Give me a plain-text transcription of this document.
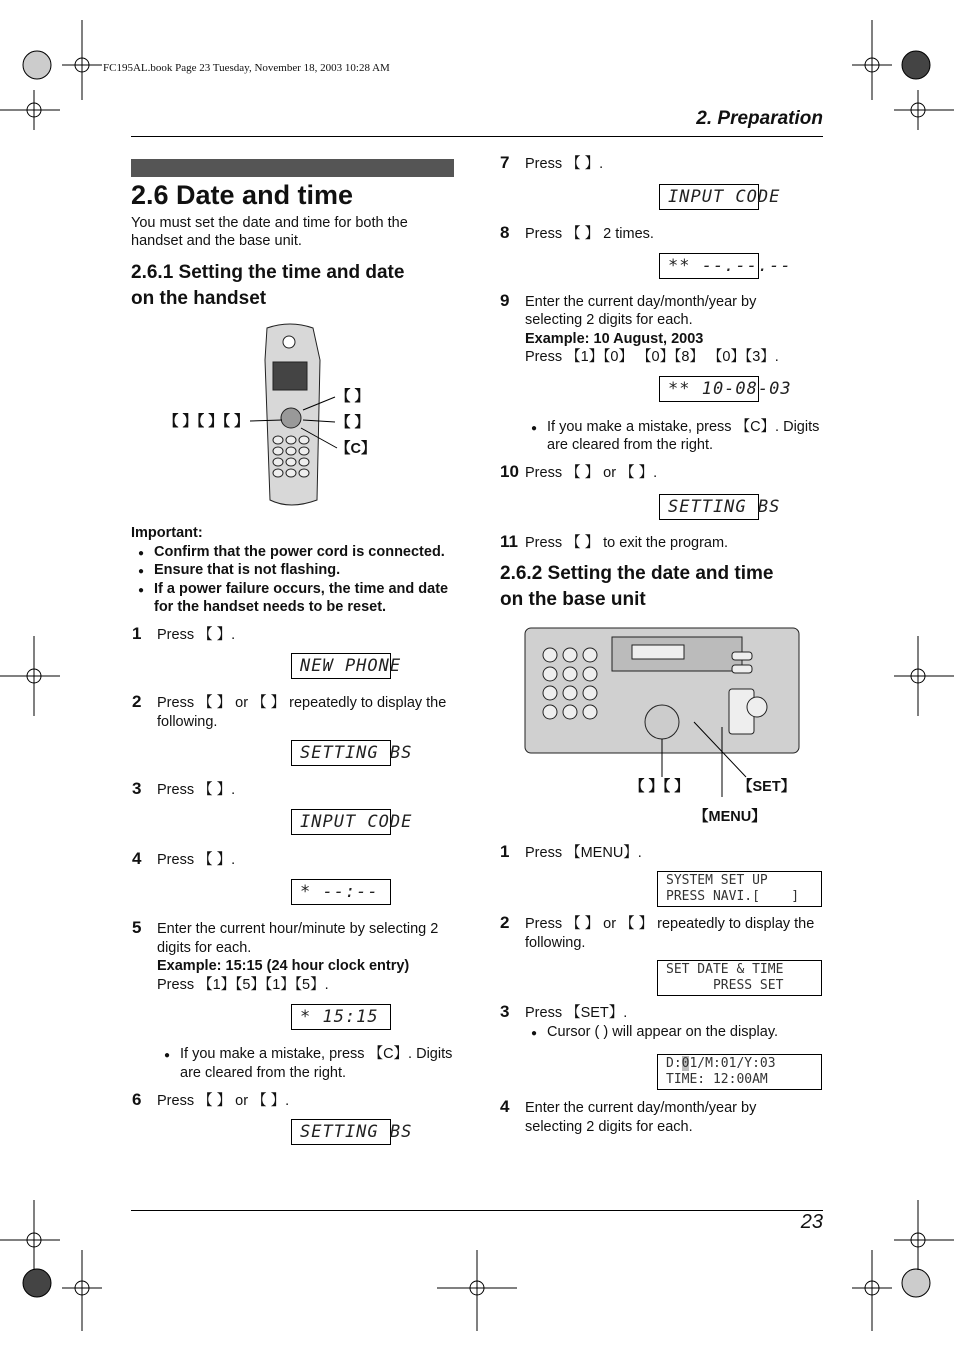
FC195AL.book Page 23 Tuesday, November 18, 2003 10:28 AM
2. Preparation
2.6 Date and time
You must set the date and time for both the handset and the base unit.
2.6.1 Setting the time and date
on the handset
【 】【 】【 】
【 】
【 】
【C】
Important:
● Confirm that the power cord is connected.
● Ensure that is not flashing.
● If a power failure occurs, the time and date
for the handset needs to be reset.
1 Press 【 】.
NEW PHONE
2 Press 【 】 or 【 】 repeatedly to display the
following.
SETTING BS
3 Press 【 】.
INPUT CODE
4 Press 【 】.
* --:--
5 Enter the current hour/minute by selecting 2
digits for each.
Example: 15:15 (24 hour clock entry)
Press 【1】【5】【1】【5】.
* 15:15
● If you make a mistake, press 【C】. Digits
are cleared from the right.
6 Press 【 】 or 【 】.
SETTING BS
7 Press 【 】.
INPUT CODE
8 Press 【 】 2 times.
** --.--.--
9 Enter the current day/month/year by
selecting 2 digits for each.
Example: 10 August, 2003
Press 【1】【0】 【0】【8】 【0】【3】.
** 10-08-03
● If you make a mistake, press 【C】. Digits
are cleared from the right.
10 Press 【 】 or 【 】.
SETTING BS
11 Press 【 】 to exit the program.
2.6.2 Setting the date and time
on the base unit
【 】【 】	【SET】
【MENU】
1 Press 【MENU】.
SYSTEM SET UP
PRESS NAVI.[    ]
2 Press 【 】 or 【 】 repeatedly to display the
following.
SET DATE & TIME
PRESS SET
3 Press 【SET】.
● Cursor ( ) will appear on the display.
D:01/M:01/Y:03
TIME: 12:00AM
4 Enter the current day/month/year by
selecting 2 digits for each.
23
